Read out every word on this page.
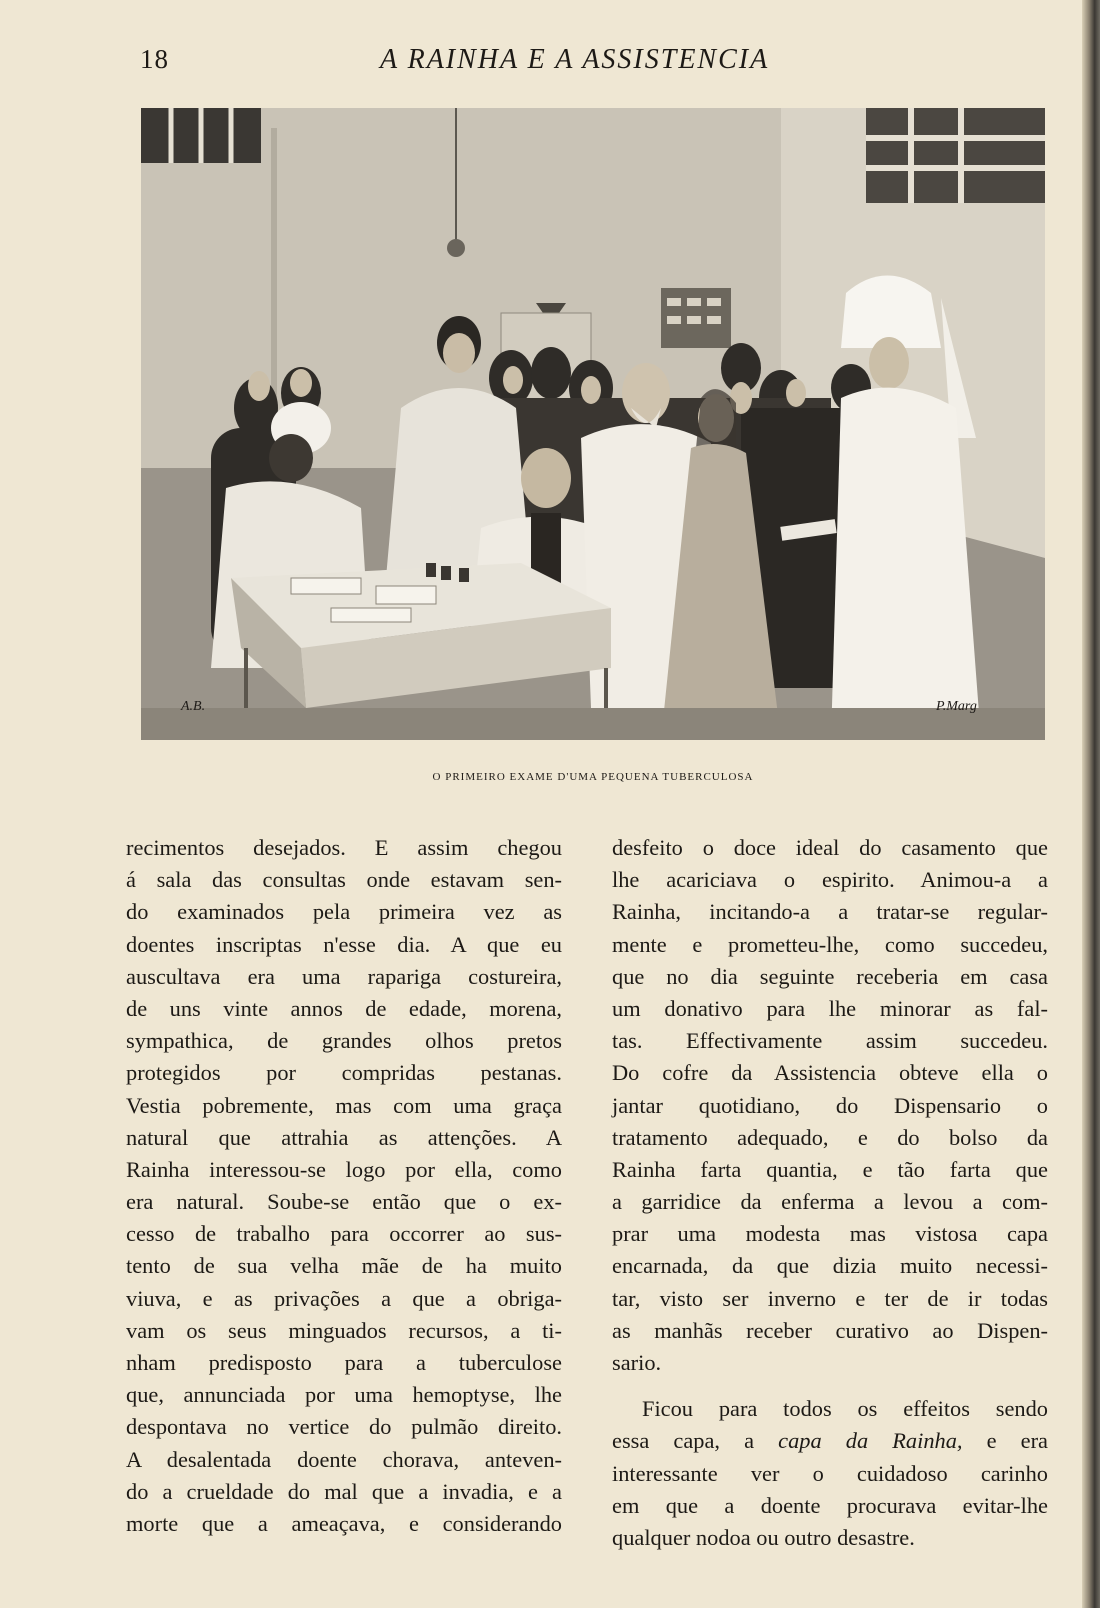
18	A RAINHA E A ASSISTENCIA
A.B.	P.Marg
O PRIMEIRO EXAME D'UMA PEQUENA TUBERCULOSA
recimentos desejados. E assim chegou
á sala das consultas onde estavam sen-
do examinados pela primeira vez as
doentes inscriptas n'esse dia. A que eu
auscultava era uma rapariga costureira,
de uns vinte annos de edade, morena,
sympathica, de grandes olhos pretos
protegidos por compridas pestanas.
Vestia pobremente, mas com uma graça
natural que attrahia as attenções. A
Rainha interessou-se logo por ella, como
era natural. Soube-se então que o ex-
cesso de trabalho para occorrer ao sus-
tento de sua velha mãe de ha muito
viuva, e as privações a que a obriga-
vam os seus minguados recursos, a ti-
nham predisposto para a tuberculose
que, annunciada por uma hemoptyse, lhe
despontava no vertice do pulmão direito.
A desalentada doente chorava, anteven-
do a crueldade do mal que a invadia, e a
morte que a ameaçava, e considerando
desfeito o doce ideal do casamento que
lhe acariciava o espirito. Animou-a a
Rainha, incitando-a a tratar-se regular-
mente e prometteu-lhe, como succedeu,
que no dia seguinte receberia em casa
um donativo para lhe minorar as fal-
tas. Effectivamente assim succedeu.
Do cofre da Assistencia obteve ella o
jantar quotidiano, do Dispensario o
tratamento adequado, e do bolso da
Rainha farta quantia, e tão farta que
a garridice da enferma a levou a com-
prar uma modesta mas vistosa capa
encarnada, da que dizia muito necessi-
tar, visto ser inverno e ter de ir todas
as manhãs receber curativo ao Dispen-
sario.
Ficou para todos os effeitos sendo
essa capa, a capa da Rainha, e era
interessante ver o cuidadoso carinho
em que a doente procurava evitar-lhe
qualquer nodoa ou outro desastre.
